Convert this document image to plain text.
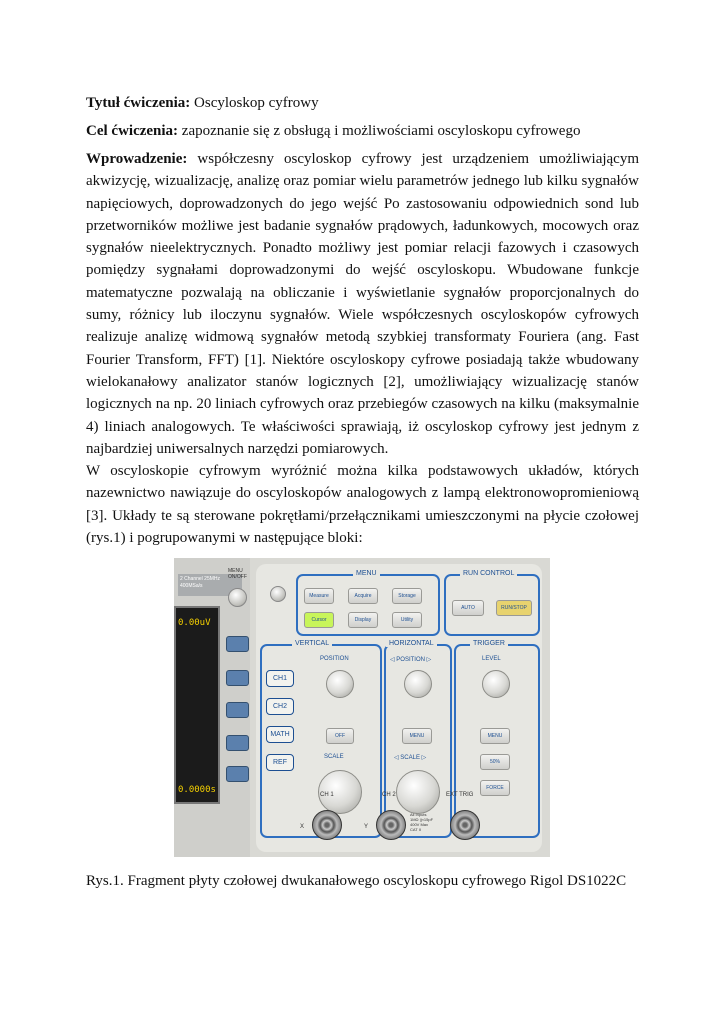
Tytuł ćwiczenia: Oscyloskop cyfrowy

Cel ćwiczenia: zapoznanie się z obsługą i możliwościami oscyloskopu cyfrowego

Wprowadzenie: współczesny oscyloskop cyfrowy jest urządzeniem umożliwiającym akwizycję, wizualizację, analizę oraz pomiar wielu parametrów jednego lub kilku sygnałów napięciowych, doprowadzonych do jego wejść Po zastosowaniu odpowiednich sond lub przetworników możliwe jest badanie sygnałów prądowych, ładunkowych, mocowych oraz sygnałów nieelektrycznych. Ponadto możliwy jest pomiar relacji fazowych i czasowych pomiędzy sygnałami doprowadzonymi do wejść oscyloskopu. Wbudowane funkcje matematyczne pozwalają na obliczanie i wyświetlanie sygnałów proporcjonalnych do sumy, różnicy lub iloczynu sygnałów. Wiele współczesnych oscyloskopów cyfrowych realizuje analizę widmową sygnałów metodą szybkiej transformaty Fouriera (ang. Fast Fourier Transform, FFT) [1]. Niektóre oscyloskopy cyfrowe posiadają także wbudowany wielokanałowy analizator stanów logicznych [2], umożliwiający wizualizację stanów logicznych na np. 20 liniach cyfrowych oraz przebiegów czasowych na kilku (maksymalnie 4) liniach analogowych. Te właściwości sprawiają, iż oscyloskop cyfrowy jest jednym z najbardziej uniwersalnych narzędzi pomiarowych.

W oscyloskopie cyfrowym wyróżnić można kilka podstawowych układów, których nazewnictwo nawiązuje do oscyloskopów analogowych z lampą elektronowopromieniową [3]. Układy te są sterowane pokrętłami/przełącznikami umieszczonymi na płycie czołowej (rys.1) i pogrupowanymi w następujące bloki:

2 Channel 25MHz 400MSa/s
0.00uV
0.0000s
MENU
ON/OFF	MENU
Measure	Acquire	Storage
Cursor	Display	Utility
RUN CONTROL
AUTO	RUN/STOP
VERTICAL
POSITION
CH1
CH2
MATH
REF
OFF
SCALE
HORIZONTAL
◁ POSITION ▷
MENU
◁ SCALE ▷
TRIGGER
LEVEL
MENU
50%
FORCE
CH 1	CH 2	EXT TRIG
X	Y
All Inputs
1MΩ ||≈15pF
400V Max
CAT II
Rys.1. Fragment płyty czołowej dwukanałowego oscyloskopu cyfrowego Rigol DS1022C
